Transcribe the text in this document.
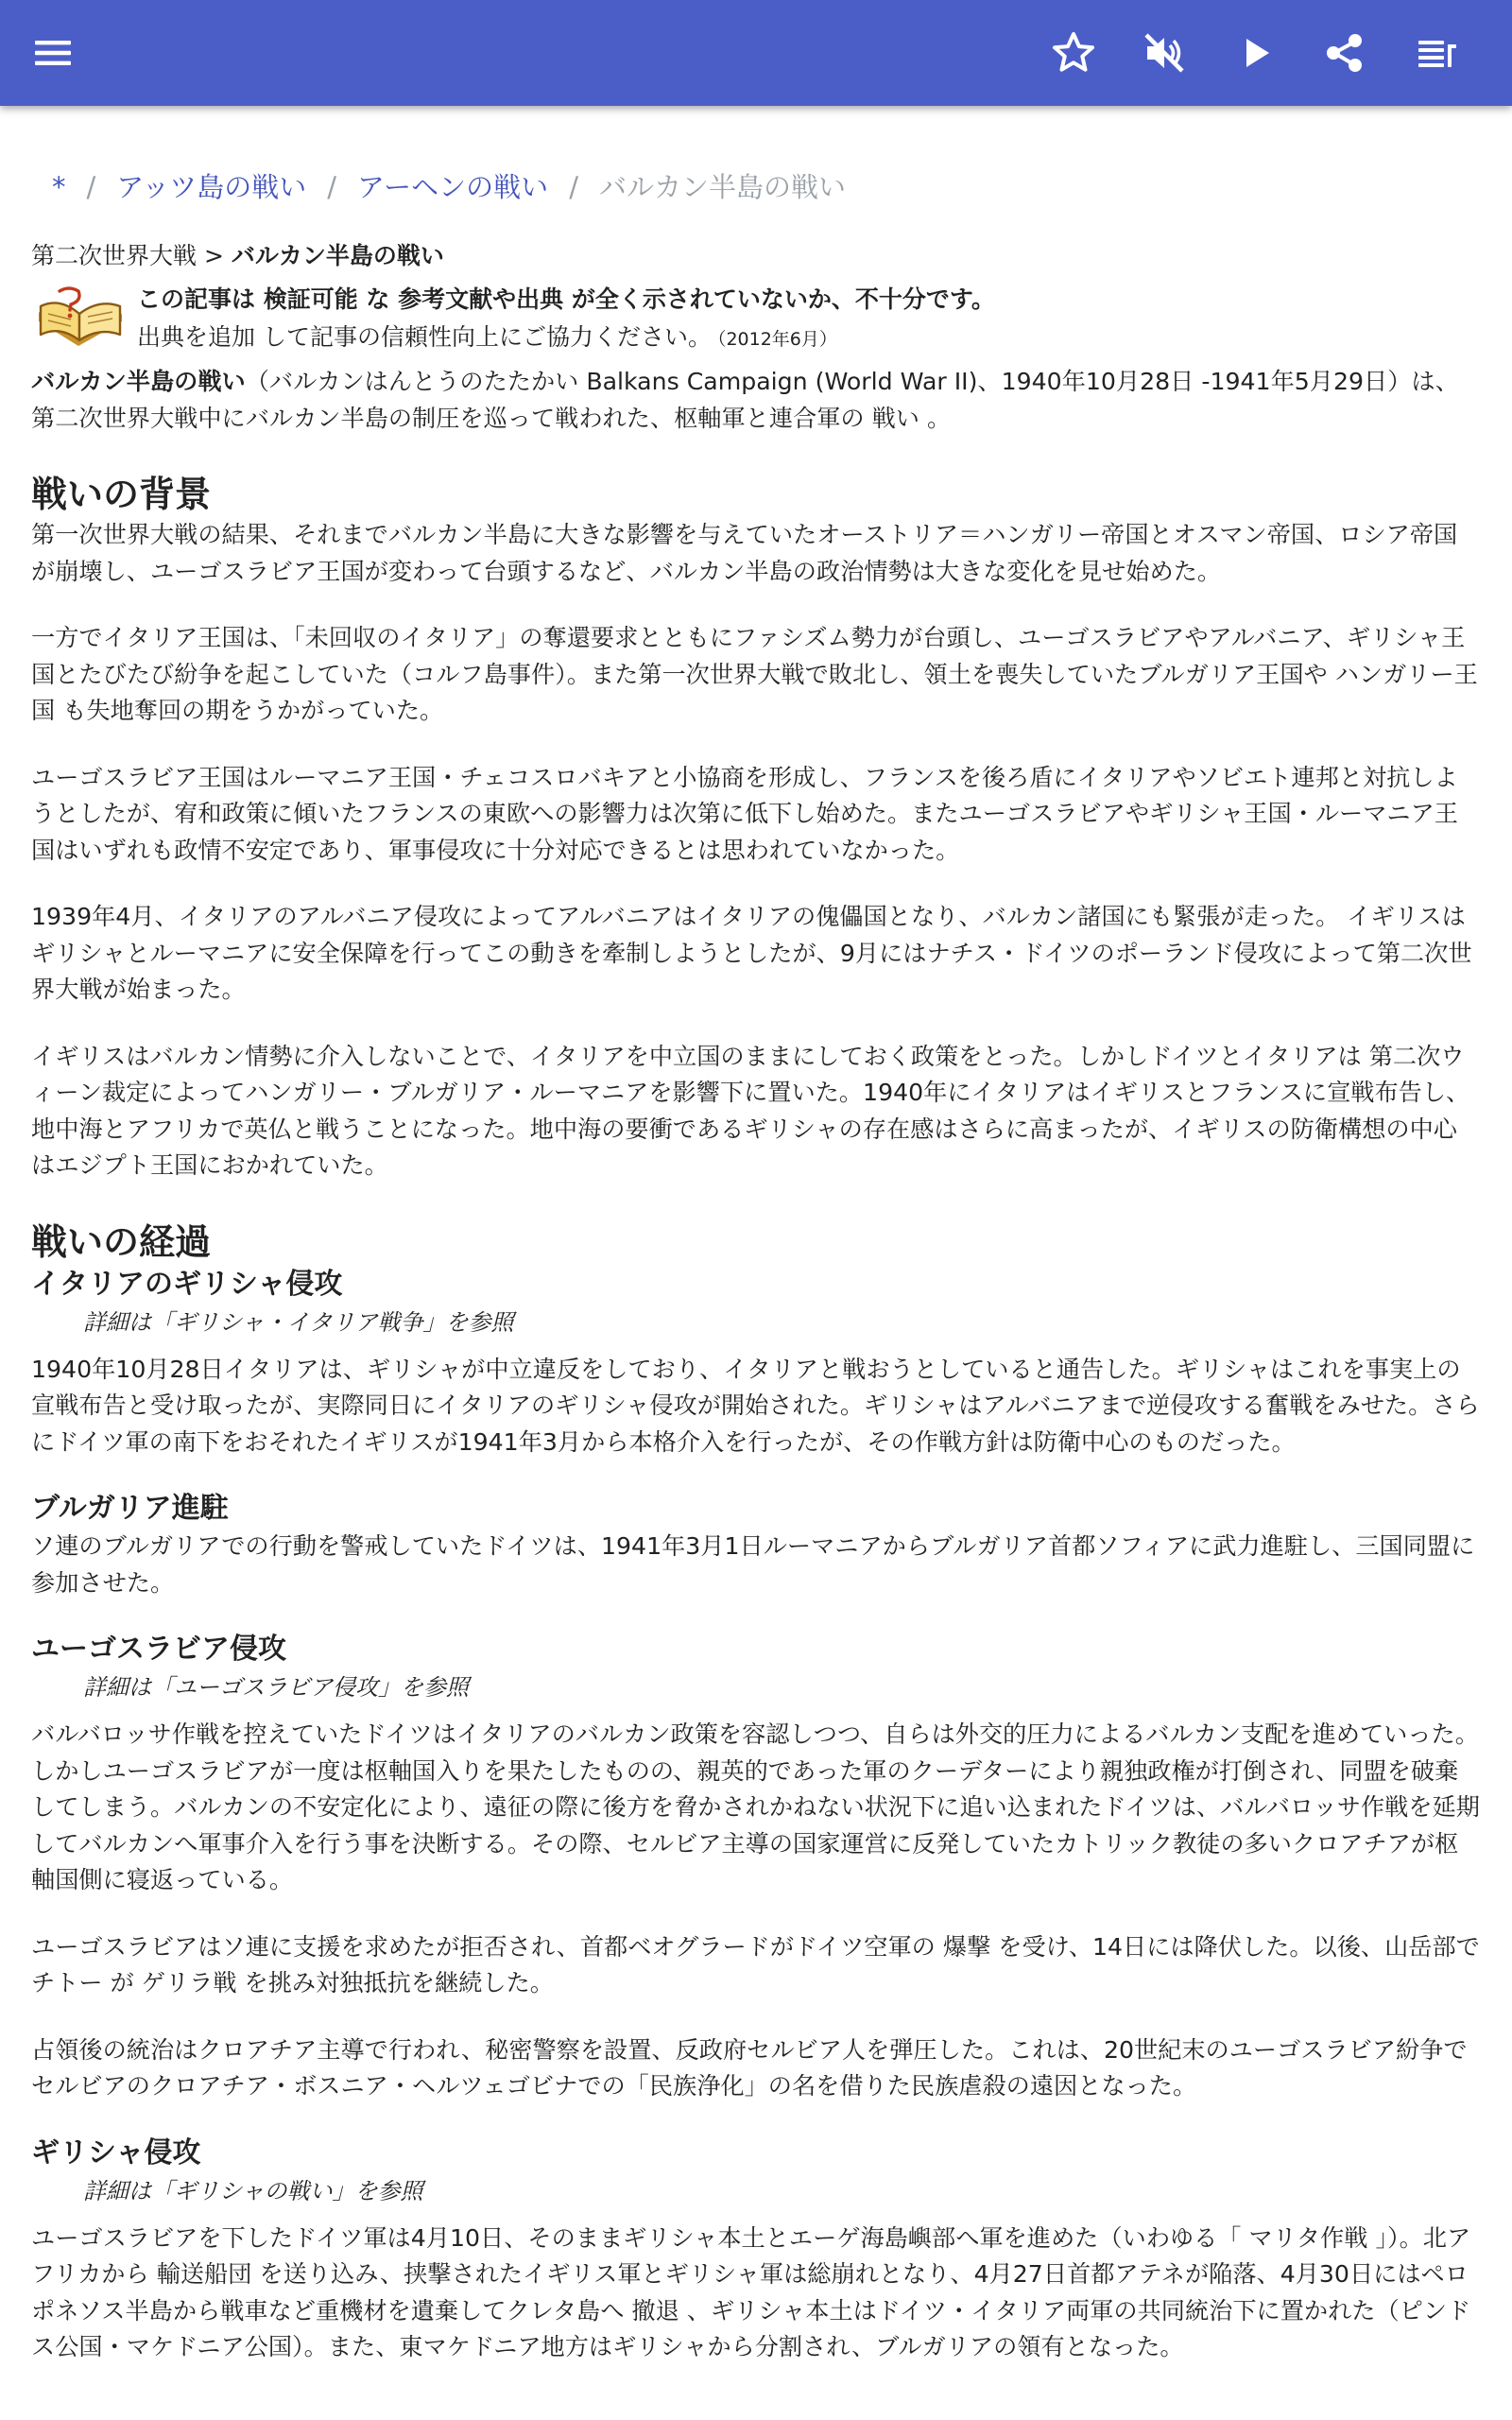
* / アッツ島の戦い / アーヘンの戦い / バルカン半島の戦い
第二次世界大戦 > バルカン半島の戦い
この記事は 検証可能 な 参考文献や出典 が全く示されていないか、不十分です。
出典を追加 して記事の信頼性向上にご協力ください。 （2012年6月）

バルカン半島の戦い（バルカンはんとうのたたかい Balkans Campaign (World War II)、1940年10月28日 -1941年5月29日）は、第二次世界大戦中にバルカン半島の制圧を巡って戦われた、枢軸軍と連合軍の 戦い 。

戦いの背景

第一次世界大戦の結果、それまでバルカン半島に大きな影響を与えていたオーストリア＝ハンガリー帝国とオスマン帝国、ロシア帝国が崩壊し、ユーゴスラビア王国が変わって台頭するなど、バルカン半島の政治情勢は大きな変化を見せ始めた。

一方でイタリア王国は、「未回収のイタリア」の奪還要求とともにファシズム勢力が台頭し、ユーゴスラビアやアルバニア、ギリシャ王国とたびたび紛争を起こしていた（コルフ島事件）。また第一次世界大戦で敗北し、領土を喪失していたブルガリア王国や ハンガリー王国 も失地奪回の期をうかがっていた。

ユーゴスラビア王国はルーマニア王国・チェコスロバキアと小協商を形成し、フランスを後ろ盾にイタリアやソビエト連邦と対抗しようとしたが、宥和政策に傾いたフランスの東欧への影響力は次第に低下し始めた。またユーゴスラビアやギリシャ王国・ルーマニア王国はいずれも政情不安定であり、軍事侵攻に十分対応できるとは思われていなかった。

1939年4月、イタリアのアルバニア侵攻によってアルバニアはイタリアの傀儡国となり、バルカン諸国にも緊張が走った。 イギリスはギリシャとルーマニアに安全保障を行ってこの動きを牽制しようとしたが、9月にはナチス・ドイツのポーランド侵攻によって第二次世界大戦が始まった。

イギリスはバルカン情勢に介入しないことで、イタリアを中立国のままにしておく政策をとった。しかしドイツとイタリアは 第二次ウィーン裁定によってハンガリー・ブルガリア・ルーマニアを影響下に置いた。1940年にイタリアはイギリスとフランスに宣戦布告し、地中海とアフリカで英仏と戦うことになった。地中海の要衝であるギリシャの存在感はさらに高まったが、イギリスの防衛構想の中心はエジプト王国におかれていた。

戦いの経過
イタリアのギリシャ侵攻
詳細は「ギリシャ・イタリア戦争」を参照

1940年10月28日イタリアは、ギリシャが中立違反をしており、イタリアと戦おうとしていると通告した。ギリシャはこれを事実上の宣戦布告と受け取ったが、実際同日にイタリアのギリシャ侵攻が開始された。ギリシャはアルバニアまで逆侵攻する奮戦をみせた。さらにドイツ軍の南下をおそれたイギリスが1941年3月から本格介入を行ったが、その作戦方針は防衛中心のものだった。

ブルガリア進駐

ソ連のブルガリアでの行動を警戒していたドイツは、1941年3月1日ルーマニアからブルガリア首都ソフィアに武力進駐し、三国同盟に参加させた。

ユーゴスラビア侵攻
詳細は「ユーゴスラビア侵攻」を参照

バルバロッサ作戦を控えていたドイツはイタリアのバルカン政策を容認しつつ、自らは外交的圧力によるバルカン支配を進めていった。しかしユーゴスラビアが一度は枢軸国入りを果たしたものの、親英的であった軍のクーデターにより親独政権が打倒され、同盟を破棄してしまう。バルカンの不安定化により、遠征の際に後方を脅かされかねない状況下に追い込まれたドイツは、バルバロッサ作戦を延期してバルカンへ軍事介入を行う事を決断する。その際、セルビア主導の国家運営に反発していたカトリック教徒の多いクロアチアが枢軸国側に寝返っている。

ユーゴスラビアはソ連に支援を求めたが拒否され、首都ベオグラードがドイツ空軍の 爆撃 を受け、14日には降伏した。以後、山岳部で チトー が ゲリラ戦 を挑み対独抵抗を継続した。

占領後の統治はクロアチア主導で行われ、秘密警察を設置、反政府セルビア人を弾圧した。これは、20世紀末のユーゴスラビア紛争でセルビアのクロアチア・ボスニア・ヘルツェゴビナでの「民族浄化」の名を借りた民族虐殺の遠因となった。

ギリシャ侵攻
詳細は「ギリシャの戦い」を参照

ユーゴスラビアを下したドイツ軍は4月10日、そのままギリシャ本土とエーゲ海島嶼部へ軍を進めた（いわゆる「 マリタ作戦 」）。北アフリカから 輸送船団 を送り込み、挟撃されたイギリス軍とギリシャ軍は総崩れとなり、4月27日首都アテネが陥落、4月30日にはペロポネソス半島から戦車など重機材を遺棄してクレタ島へ 撤退 、ギリシャ本土はドイツ・イタリア両軍の共同統治下に置かれた（ピンドス公国・マケドニア公国）。また、東マケドニア地方はギリシャから分割され、ブルガリアの領有となった。
